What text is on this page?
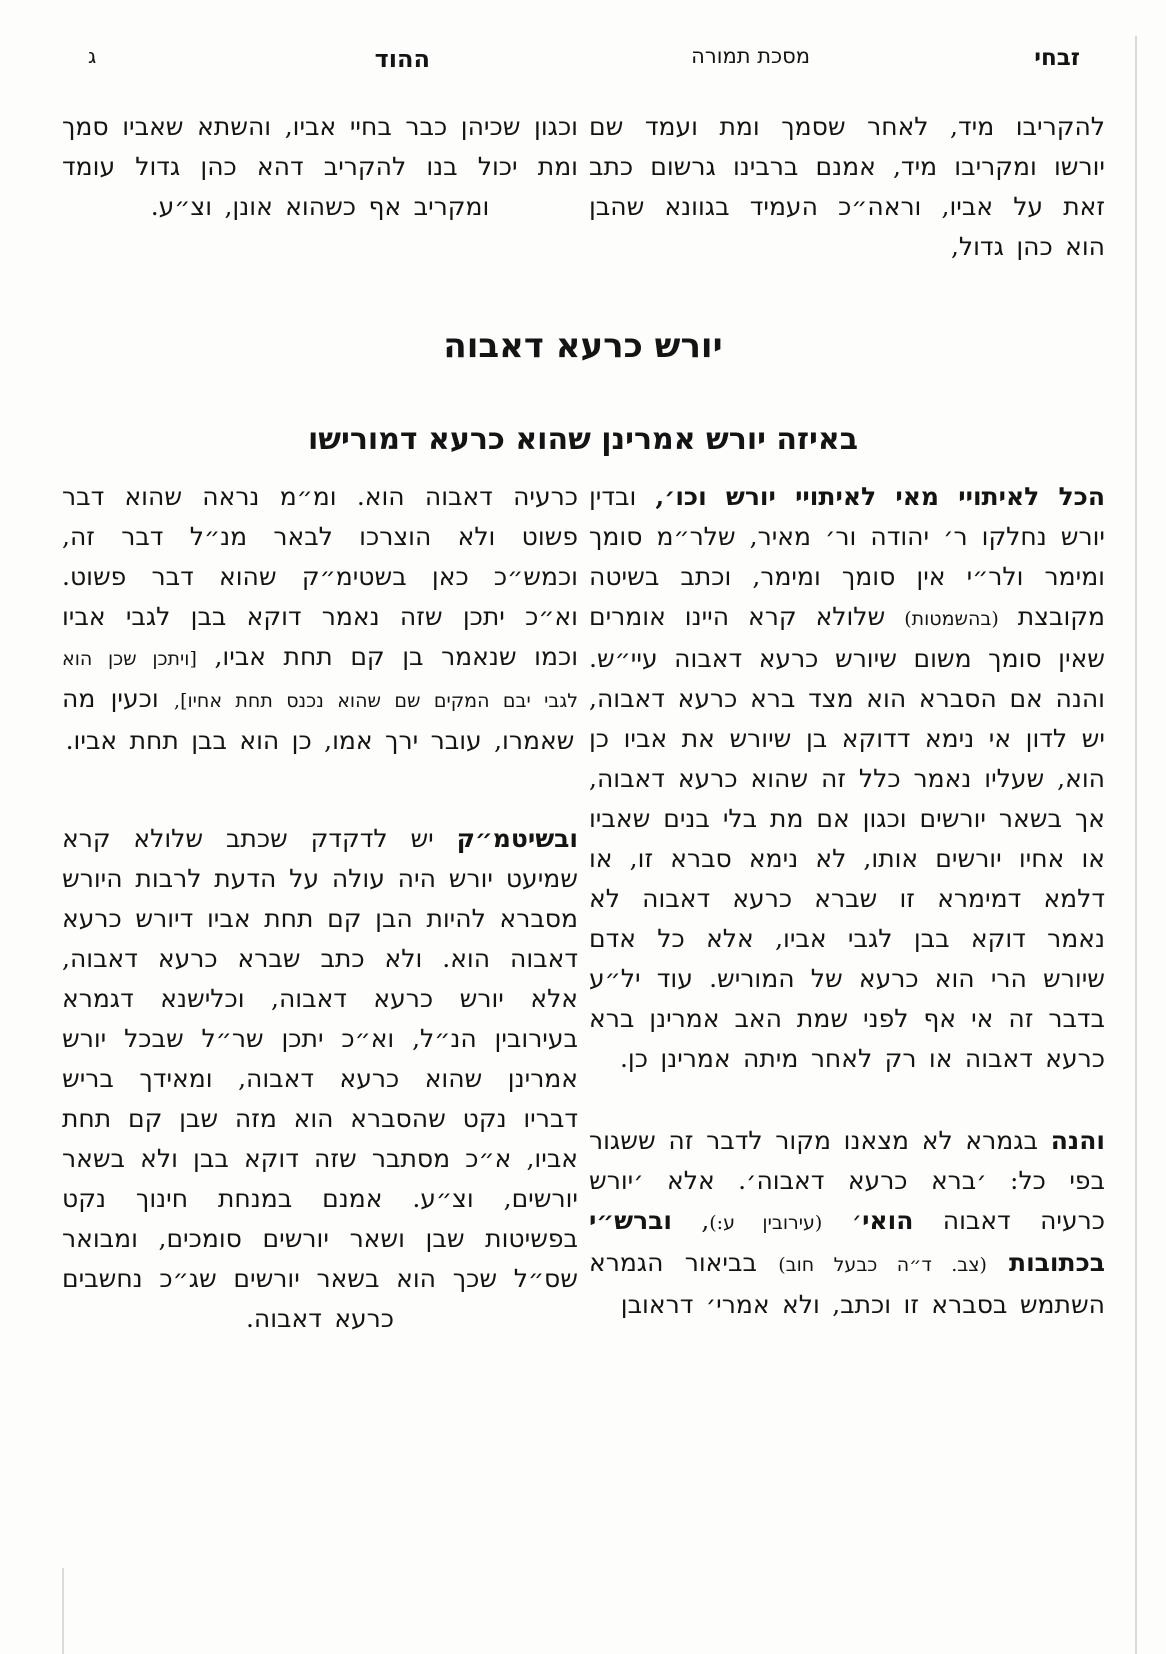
זבחי
מסכת תמורה
ההוד
ג

להקריבו מיד, לאחר שסמך ומת ועמד שם יורשו ומקריבו מיד, אמנם ברבינו גרשום כתב זאת על אביו, וראה״כ העמיד בגוונא שהבן הוא כהן גדול,

וכגון שכיהן כבר בחיי אביו, והשתא שאביו סמך ומת יכול בנו להקריב דהא כהן גדול עומד ומקריב אף כשהוא אונן, וצ״ע.

יורש כרעא דאבוה
באיזה יורש אמרינן שהוא כרעא דמורישו

הכל לאיתויי מאי לאיתויי יורש וכו׳, ובדין יורש נחלקו ר׳ יהודה ור׳ מאיר, שלר״מ סומך ומימר ולר״י אין סומך ומימר, וכתב בשיטה מקובצת (בהשמטות) שלולא קרא היינו אומרים שאין סומך משום שיורש כרעא דאבוה עיי״ש. והנה אם הסברא הוא מצד ברא כרעא דאבוה, יש לדון אי נימא דדוקא בן שיורש את אביו כן הוא, שעליו נאמר כלל זה שהוא כרעא דאבוה, אך בשאר יורשים וכגון אם מת בלי בנים שאביו או אחיו יורשים אותו, לא נימא סברא זו, או דלמא דמימרא זו שברא כרעא דאבוה לא נאמר דוקא בבן לגבי אביו, אלא כל אדם שיורש הרי הוא כרעא של המוריש. עוד יל״ע בדבר זה אי אף לפני שמת האב אמרינן ברא כרעא דאבוה או רק לאחר מיתה אמרינן כן.

והנה בגמרא לא מצאנו מקור לדבר זה ששגור בפי כל: ׳ברא כרעא דאבוה׳. אלא ׳יורש כרעיה דאבוה הואי׳ (עירובין ע:), וברש״י בכתובות (צב. ד״ה כבעל חוב) בביאור הגמרא השתמש בסברא זו וכתב, ולא אמרי׳ דראובן

כרעיה דאבוה הוא. ומ״מ נראה שהוא דבר פשוט ולא הוצרכו לבאר מנ״ל דבר זה, וכמש״כ כאן בשטימ״ק שהוא דבר פשוט. וא״כ יתכן שזה נאמר דוקא בבן לגבי אביו וכמו שנאמר בן קם תחת אביו, [ויתכן שכן הוא לגבי יבם המקים שם שהוא נכנס תחת אחיו], וכעין מה שאמרו, עובר ירך אמו, כן הוא בבן תחת אביו.

ובשיטמ״ק יש לדקדק שכתב שלולא קרא שמיעט יורש היה עולה על הדעת לרבות היורש מסברא להיות הבן קם תחת אביו דיורש כרעא דאבוה הוא. ולא כתב שברא כרעא דאבוה, אלא יורש כרעא דאבוה, וכלישנא דגמרא בעירובין הנ״ל, וא״כ יתכן שר״ל שבכל יורש אמרינן שהוא כרעא דאבוה, ומאידך בריש דבריו נקט שהסברא הוא מזה שבן קם תחת אביו, א״כ מסתבר שזה דוקא בבן ולא בשאר יורשים, וצ״ע. אמנם במנחת חינוך נקט בפשיטות שבן ושאר יורשים סומכים, ומבואר שס״ל שכך הוא בשאר יורשים שג״כ נחשבים כרעא דאבוה.
